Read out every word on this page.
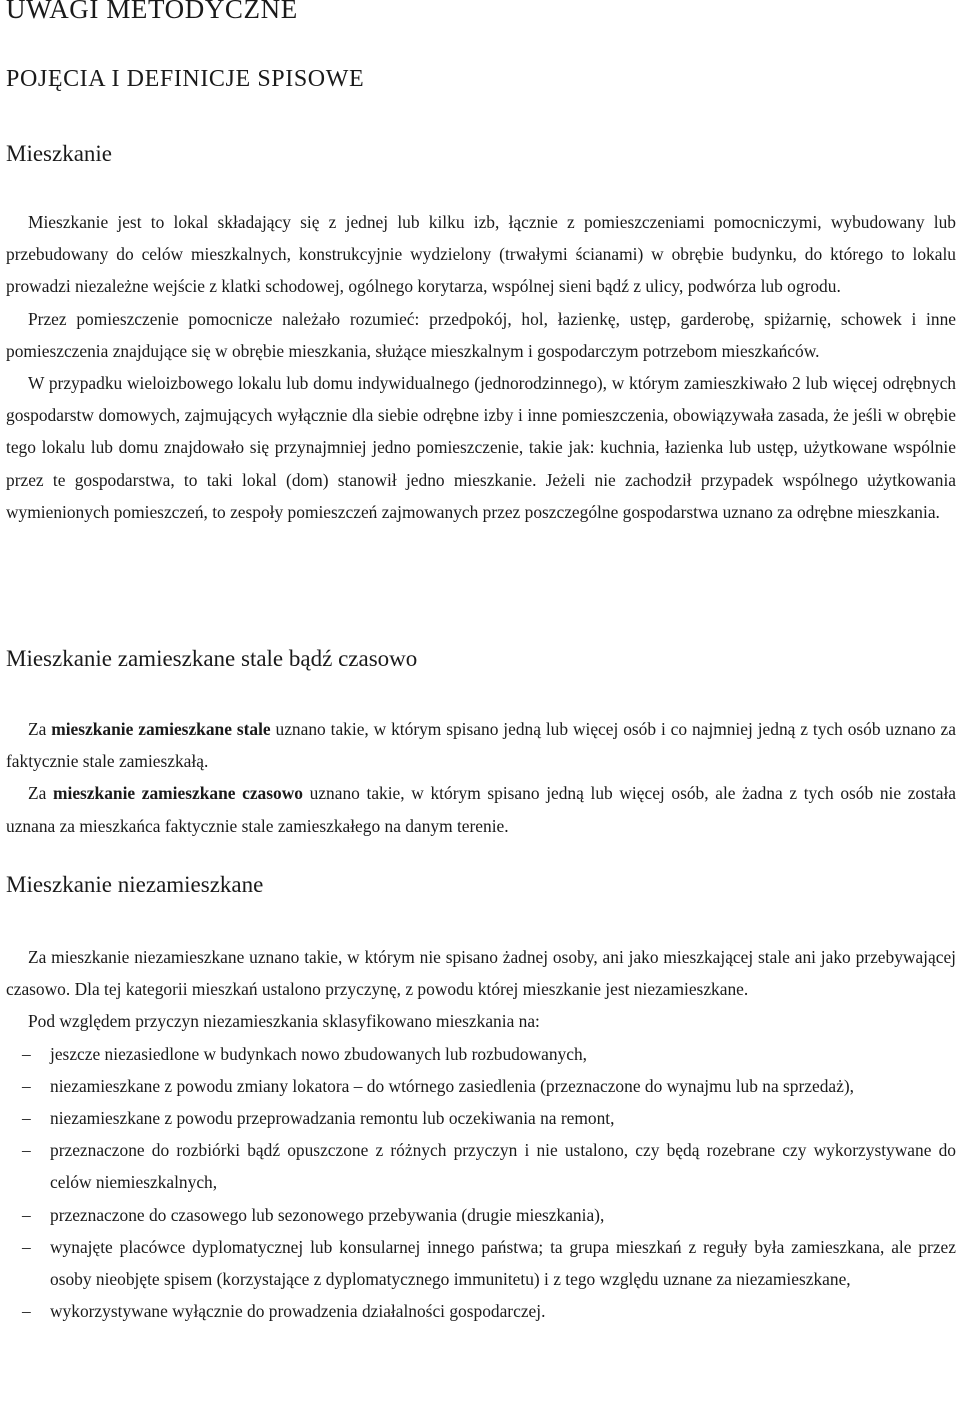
UWAGI METODYCZNE
POJĘCIA I DEFINICJE SPISOWE
Mieszkanie

Mieszkanie jest to lokal składający się z jednej lub kilku izb, łącznie z pomieszczeniami pomocniczymi, wybudowany lub przebudowany do celów mieszkalnych, konstrukcyjnie wydzielony (trwałymi ścianami) w obrębie budynku, do którego to lokalu prowadzi niezależne wejście z klatki schodowej, ogólnego korytarza, wspólnej sieni bądź z ulicy, podwórza lub ogrodu.

Przez pomieszczenie pomocnicze należało rozumieć: przedpokój, hol, łazienkę, ustęp, garderobę, spiżarnię, schowek i inne pomieszczenia znajdujące się w obrębie mieszkania, służące mieszkalnym i gospodarczym potrzebom mieszkańców.

W przypadku wieloizbowego lokalu lub domu indywidualnego (jednorodzinnego), w którym zamieszkiwało 2 lub więcej odrębnych gospodarstw domowych, zajmujących wyłącznie dla siebie odrębne izby i inne pomieszczenia, obowiązywała zasada, że jeśli w obrębie tego lokalu lub domu znajdowało się przynajmniej jedno pomieszczenie, takie jak: kuchnia, łazienka lub ustęp, użytkowane wspólnie przez te gospodarstwa, to taki lokal (dom) stanowił jedno mieszkanie. Jeżeli nie zachodził przypadek wspólnego użytkowania wymienionych pomieszczeń, to zespoły pomieszczeń zajmowanych przez poszczególne gospodarstwa uznano za odrębne mieszkania.

Mieszkanie zamieszkane stale bądź czasowo

Za mieszkanie zamieszkane stale uznano takie, w którym spisano jedną lub więcej osób i co najmniej jedną z tych osób uznano za faktycznie stale zamieszkałą.

Za mieszkanie zamieszkane czasowo uznano takie, w którym spisano jedną lub więcej osób, ale żadna z tych osób nie została uznana za mieszkańca faktycznie stale zamieszkałego na danym terenie.

Mieszkanie niezamieszkane

Za mieszkanie niezamieszkane uznano takie, w którym nie spisano żadnej osoby, ani jako mieszkającej stale ani jako przebywającej czasowo. Dla tej kategorii mieszkań ustalono przyczynę, z powodu której mieszkanie jest niezamieszkane.

Pod względem przyczyn niezamieszkania sklasyfikowano mieszkania na:

– jeszcze niezasiedlone w budynkach nowo zbudowanych lub rozbudowanych,
– niezamieszkane z powodu zmiany lokatora – do wtórnego zasiedlenia (przeznaczone do wynajmu lub na sprzedaż),
– niezamieszkane z powodu przeprowadzania remontu lub oczekiwania na remont,
– przeznaczone do rozbiórki bądź opuszczone z różnych przyczyn i nie ustalono, czy będą rozebrane czy wykorzystywane do celów niemieszkalnych,
– przeznaczone do czasowego lub sezonowego przebywania (drugie mieszkania),
– wynajęte placówce dyplomatycznej lub konsularnej innego państwa; ta grupa mieszkań z reguły była zamieszkana, ale przez osoby nieobjęte spisem (korzystające z dyplomatycznego immunitetu) i z tego względu uznane za niezamieszkane,
– wykorzystywane wyłącznie do prowadzenia działalności gospodarczej.
